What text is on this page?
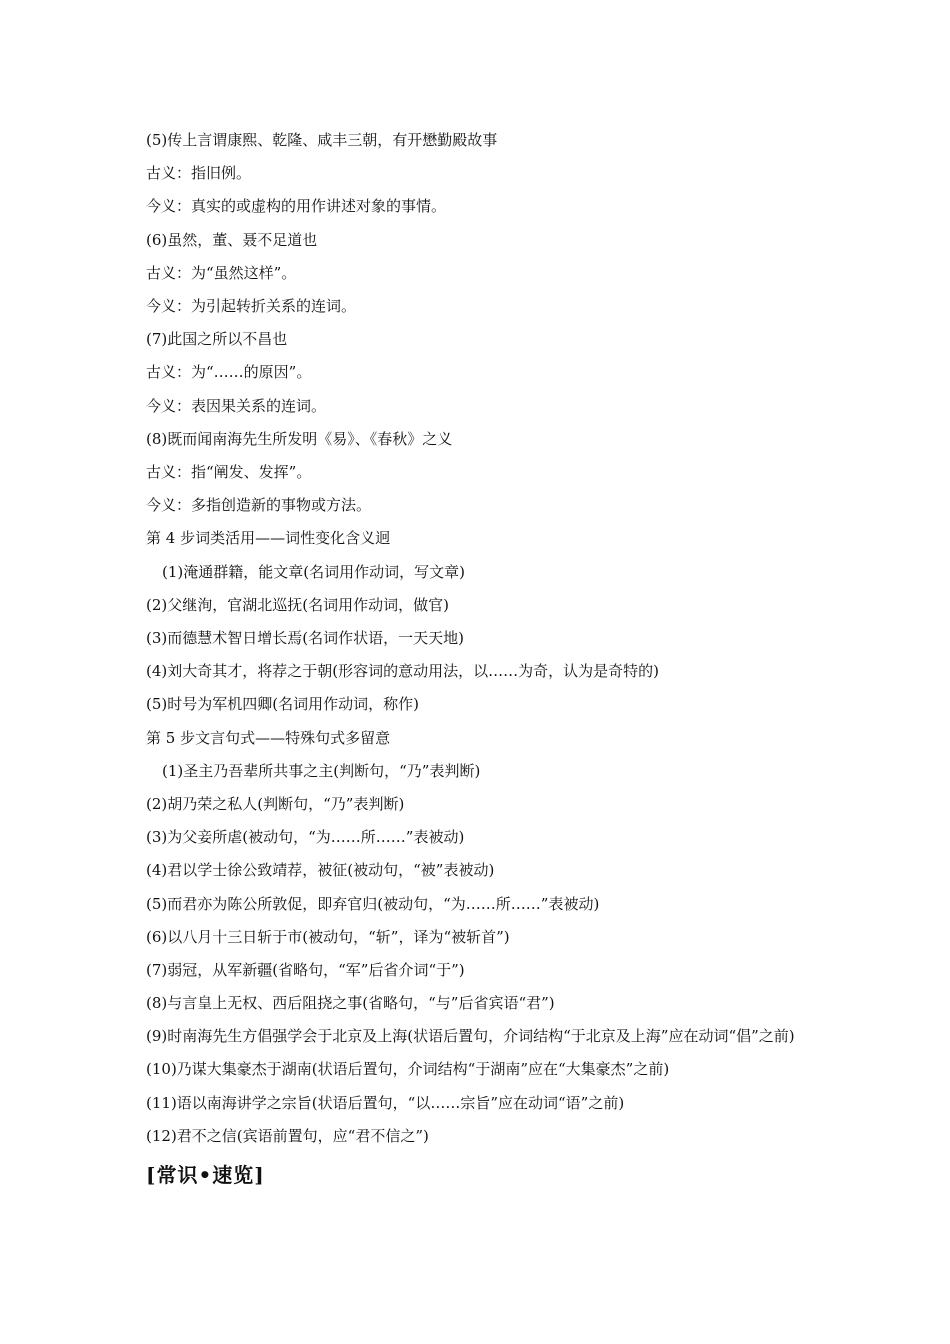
(5)传上言谓康熙、乾隆、咸丰三朝，有开懋勤殿故事
古义：指旧例。
今义：真实的或虚构的用作讲述对象的事情。
(6)虽然，董、聂不足道也
古义：为“虽然这样”。
今义：为引起转折关系的连词。
(7)此国之所以不昌也
古义：为“……的原因”。
今义：表因果关系的连词。
(8)既而闻南海先生所发明《易》、《春秋》之义
古义：指“阐发、发挥”。
今义：多指创造新的事物或方法。
第 4 步词类活用——词性变化含义迥
(1)淹通群籍，能文章(名词用作动词，写文章)
(2)父继洵，官湖北巡抚(名词用作动词，做官)
(3)而德慧术智日增长焉(名词作状语，一天天地)
(4)刘大奇其才，将荐之于朝(形容词的意动用法，以……为奇，认为是奇特的)
(5)时号为军机四卿(名词用作动词，称作)
第 5 步文言句式——特殊句式多留意
(1)圣主乃吾辈所共事之主(判断句，“乃”表判断)
(2)胡乃荣之私人(判断句，“乃”表判断)
(3)为父妾所虐(被动句，“为……所……”表被动)
(4)君以学士徐公致靖荐，被征(被动句，“被”表被动)
(5)而君亦为陈公所敦促，即弃官归(被动句，“为……所……”表被动)
(6)以八月十三日斩于市(被动句，“斩”，译为“被斩首”)
(7)弱冠，从军新疆(省略句，“军”后省介词“于”)
(8)与言皇上无权、西后阻挠之事(省略句，“与”后省宾语“君”)
(9)时南海先生方倡强学会于北京及上海(状语后置句，介词结构“于北京及上海”应在动词“倡”之前)
(10)乃谋大集豪杰于湖南(状语后置句，介词结构“于湖南”应在“大集豪杰”之前)
(11)语以南海讲学之宗旨(状语后置句，“以……宗旨”应在动词“语”之前)
(12)君不之信(宾语前置句，应“君不信之”)
[常识•速览]
